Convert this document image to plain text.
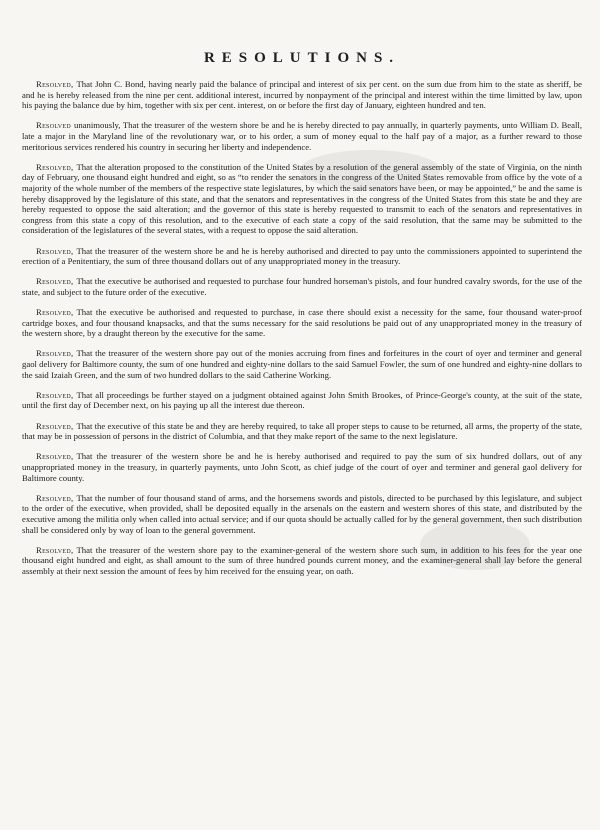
RESOLUTIONS.

Resolved, That John C. Bond, having nearly paid the balance of principal and interest of six per cent. on the sum due from him to the state as sheriff, be and he is hereby released from the nine per cent. additional interest, incurred by nonpayment of the principal and interest within the time limitted by law, upon his paying the balance due by him, together with six per cent. interest, on or before the first day of January, eighteen hundred and ten.

Resolved unanimously, That the treasurer of the western shore be and he is hereby directed to pay annually, in quarterly payments, unto William D. Beall, late a major in the Maryland line of the revolutionary war, or to his order, a sum of money equal to the half pay of a major, as a further reward to those meritorious services rendered his country in securing her liberty and independence.

Resolved, That the alteration proposed to the constitution of the United States by a resolution of the general assembly of the state of Virginia, on the ninth day of February, one thousand eight hundred and eight, so as “to render the senators in the congress of the United States removable from office by the vote of a majority of the whole number of the members of the respective state legislatures, by which the said senators have been, or may be appointed,” be and the same is hereby disapproved by the legislature of this state, and that the senators and representatives in the congress of the United States from this state be and they are hereby requested to oppose the said alteration; and the governor of this state is hereby requested to transmit to each of the senators and representatives in congress from this state a copy of this resolution, and to the executive of each state a copy of the said resolution, that the same may be submitted to the consideration of the legislatures of the several states, with a request to oppose the said alteration.

Resolved, That the treasurer of the western shore be and he is hereby authorised and directed to pay unto the commissioners appointed to superintend the erection of a Penitentiary, the sum of three thousand dollars out of any unappropriated money in the treasury.

Resolved, That the executive be authorised and requested to purchase four hundred horseman's pistols, and four hundred cavalry swords, for the use of the state, and subject to the future order of the executive.

Resolved, That the executive be authorised and requested to purchase, in case there should exist a necessity for the same, four thousand water-proof cartridge boxes, and four thousand knapsacks, and that the sums necessary for the said resolutions be paid out of any unappropriated money in the treasury of the western shore, by a draught thereon by the executive for the same.

Resolved, That the treasurer of the western shore pay out of the monies accruing from fines and forfeitures in the court of oyer and terminer and general gaol delivery for Baltimore county, the sum of one hundred and eighty-nine dollars to the said Samuel Fowler, the sum of one hundred and eighty-nine dollars to the said Izaiah Green, and the sum of two hundred dollars to the said Catherine Working.

Resolved, That all proceedings be further stayed on a judgment obtained against John Smith Brookes, of Prince-George's county, at the suit of the state, until the first day of December next, on his paying up all the interest due thereon.

Resolved, That the executive of this state be and they are hereby required, to take all proper steps to cause to be returned, all arms, the property of the state, that may be in possession of persons in the district of Columbia, and that they make report of the same to the next legislature.

Resolved, That the treasurer of the western shore be and he is hereby authorised and required to pay the sum of six hundred dollars, out of any unappropriated money in the treasury, in quarterly payments, unto John Scott, as chief judge of the court of oyer and terminer and general gaol delivery for Baltimore county.

Resolved, That the number of four thousand stand of arms, and the horsemens swords and pistols, directed to be purchased by this legislature, and subject to the order of the executive, when provided, shall be deposited equally in the arsenals on the eastern and western shores of this state, and distributed by the executive among the militia only when called into actual service; and if our quota should be actually called for by the general government, then such distribution shall be considered only by way of loan to the general government.

Resolved, That the treasurer of the western shore pay to the examiner-general of the western shore such sum, in addition to his fees for the year one thousand eight hundred and eight, as shall amount to the sum of three hundred pounds current money, and the examiner-general shall lay before the general assembly at their next session the amount of fees by him received for the ensuing year, on oath.
